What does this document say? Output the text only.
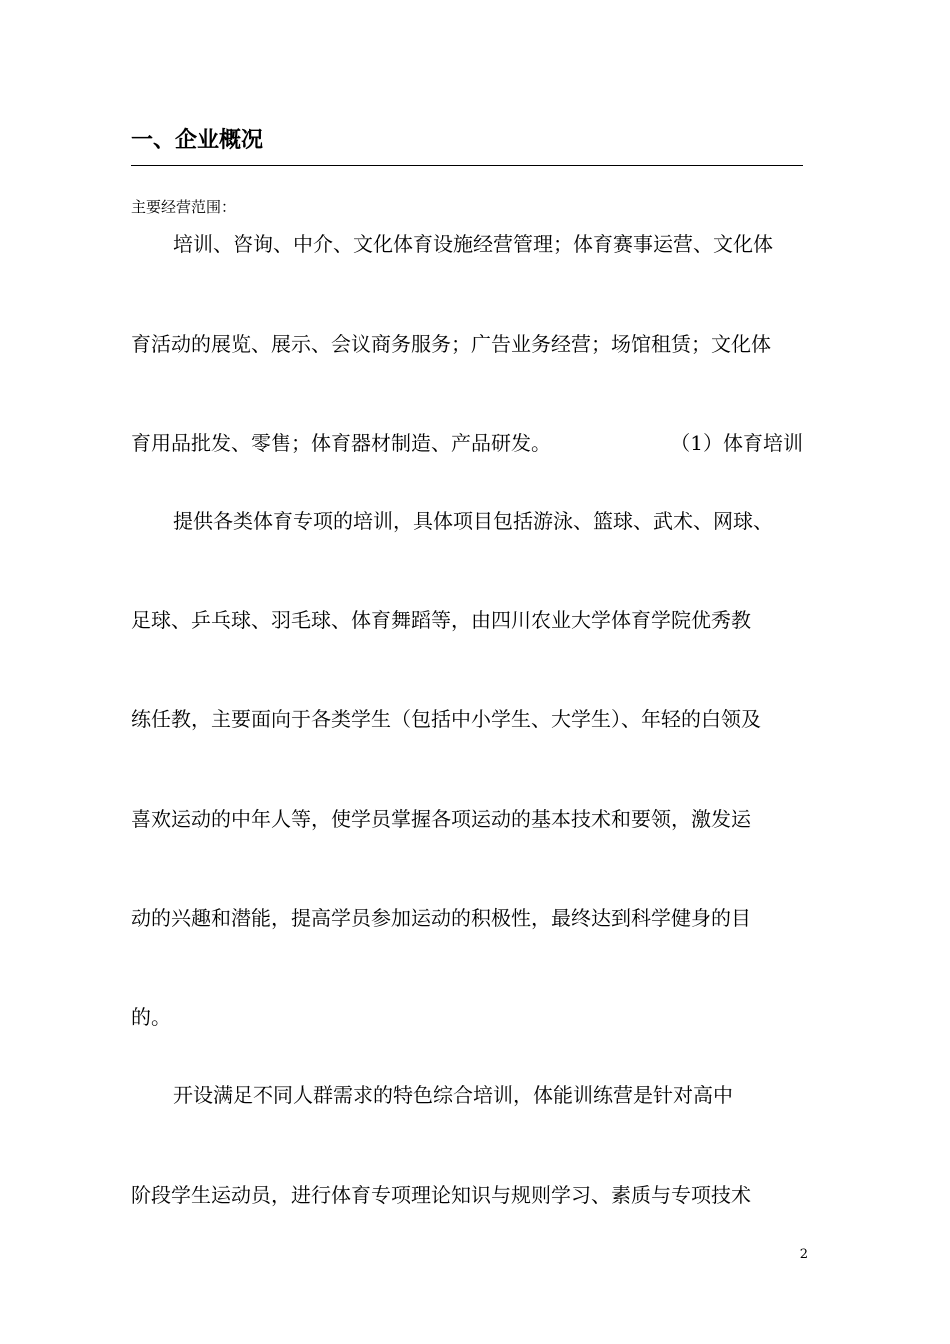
一、企业概况
主要经营范围：
培训、咨询、中介、文化体育设施经营管理；体育赛事运营、文化体
育活动的展览、展示、会议商务服务；广告业务经营；场馆租赁；文化体
育用品批发、零售；体育器材制造、产品研发。	（1）体育培训
提供各类体育专项的培训，具体项目包括游泳、篮球、武术、网球、
足球、乒乓球、羽毛球、体育舞蹈等，由四川农业大学体育学院优秀教
练任教，主要面向于各类学生（包括中小学生、大学生）、年轻的白领及
喜欢运动的中年人等，使学员掌握各项运动的基本技术和要领，激发运
动的兴趣和潜能，提高学员参加运动的积极性，最终达到科学健身的目
的。
开设满足不同人群需求的特色综合培训，体能训练营是针对高中
阶段学生运动员，进行体育专项理论知识与规则学习、素质与专项技术
2
